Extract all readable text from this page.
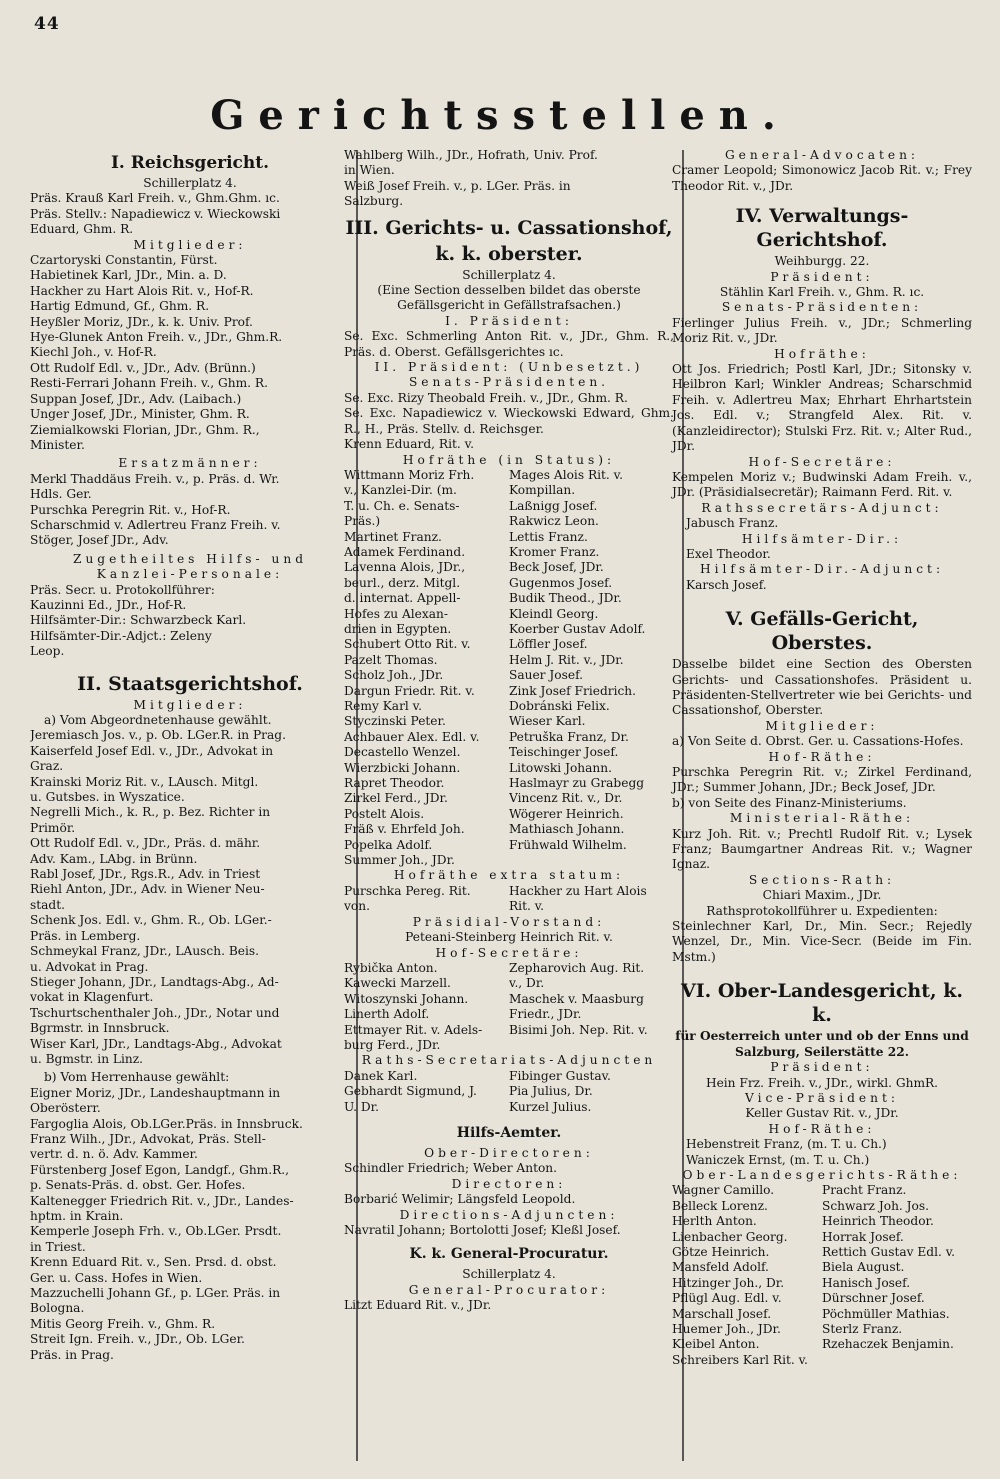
44
Gerichtsstellen.
I. Reichsgericht.
Schillerplatz 4.
Präs. Krauß Karl Freih. v., Ghm.Ghm. ıc.
Präs. Stellv.: Napadiewicz v. Wieckowski
Eduard, Ghm. R.
Mitglieder:
Czartoryski Constantin, Fürst.
Habietinek Karl, JDr., Min. a. D.
Hackher zu Hart Alois Rit. v., Hof-R.
Hartig Edmund, Gf., Ghm. R.
Heyßler Moriz, JDr., k. k. Univ. Prof.
Hye-Glunek Anton Freih. v., JDr., Ghm.R.
Kiechl Joh., v. Hof-R.
Ott Rudolf Edl. v., JDr., Adv. (Brünn.)
Resti-Ferrari Johann Freih. v., Ghm. R.
Suppan Josef, JDr., Adv. (Laibach.)
Unger Josef, JDr., Minister, Ghm. R.
Ziemialkowski Florian, JDr., Ghm. R.,
Minister.
Ersatzmänner:
Merkl Thaddäus Freih. v., p. Präs. d. Wr.
Hdls. Ger.
Purschka Peregrin Rit. v., Hof-R.
Scharschmid v. Adlertreu Franz Freih. v.
Stöger, Josef JDr., Adv.
Zugetheiltes Hilfs- und Kanzlei-Personale:
Präs. Secr. u. Protokollführer:
Kauzinni Ed., JDr., Hof-R.
Hilfsämter-Dir.: Schwarzbeck Karl.
Hilfsämter-Dir.-Adjct.: Zeleny
Leop.
II. Staatsgerichtshof.
Mitglieder:
a) Vom Abgeordnetenhause gewählt.
Jeremiasch Jos. v., p. Ob. LGer.R. in Prag.
Kaiserfeld Josef Edl. v., JDr., Advokat in
Graz.
Krainski Moriz Rit. v., LAusch. Mitgl.
u. Gutsbes. in Wyszatice.
Negrelli Mich., k. R., p. Bez. Richter in
Primör.
Ott Rudolf Edl. v., JDr., Präs. d. mähr.
Adv. Kam., LAbg. in Brünn.
Rabl Josef, JDr., Rgs.R., Adv. in Triest
Riehl Anton, JDr., Adv. in Wiener Neu-
stadt.
Schenk Jos. Edl. v., Ghm. R., Ob. LGer.-
Präs. in Lemberg.
Schmeykal Franz, JDr., LAusch. Beis.
u. Advokat in Prag.
Stieger Johann, JDr., Landtags-Abg., Ad-
vokat in Klagenfurt.
Tschurtschenthaler Joh., JDr., Notar und
Bgrmstr. in Innsbruck.
Wiser Karl, JDr., Landtags-Abg., Advokat
u. Bgmstr. in Linz.
b) Vom Herrenhause gewählt:
Eigner Moriz, JDr., Landeshauptmann in
Oberösterr.
Fargoglia Alois, Ob.LGer.Präs. in Innsbruck.
Franz Wilh., JDr., Advokat, Präs. Stell-
vertr. d. n. ö. Adv. Kammer.
Fürstenberg Josef Egon, Landgf., Ghm.R.,
p. Senats-Präs. d. obst. Ger. Hofes.
Kaltenegger Friedrich Rit. v., JDr., Landes-
hptm. in Krain.
Kemperle Joseph Frh. v., Ob.LGer. Prsdt.
in Triest.
Krenn Eduard Rit. v., Sen. Prsd. d. obst.
Ger. u. Cass. Hofes in Wien.
Mazzuchelli Johann Gf., p. LGer. Präs. in
Bologna.
Mitis Georg Freih. v., Ghm. R.
Streit Ign. Freih. v., JDr., Ob. LGer.
Präs. in Prag.
Wahlberg Wilh., JDr., Hofrath, Univ. Prof.
in Wien.
Weiß Josef Freih. v., p. LGer. Präs. in
Salzburg.
III. Gerichts- u. Cassationshof,
k. k. oberster.
Schillerplatz 4.
(Eine Section desselben bildet das oberste Gefällsgericht in Gefällstrafsachen.)
I. Präsident:
Se. Exc. Schmerling Anton Rit. v., JDr., Ghm. R., Präs. d. Oberst. Gefällsgerichtes ıc.
II. Präsident: (Unbesetzt.)
Senats-Präsidenten.
Se. Exc. Rizy Theobald Freih. v., JDr., Ghm. R.
Se. Exc. Napadiewicz v. Wieckowski Edward, Ghm. R., H., Präs. Stellv. d. Reichsger.
Krenn Eduard, Rit. v.
Hofräthe (in Status):
Wittmann Moriz Frh.
v., Kanzlei-Dir. (m.
T. u. Ch. e. Senats-
Präs.)
Martinet Franz.
Adamek Ferdinand.
Lavenna Alois, JDr.,
beurl., derz. Mitgl.
d. internat. Appell-
Hofes zu Alexan-
drien in Egypten.
Schubert Otto Rit. v.
Pazelt Thomas.
Scholz Joh., JDr.
Dargun Friedr. Rit. v.
Remy Karl v.
Styczinski Peter.
Achbauer Alex. Edl. v.
Decastello Wenzel.
Wierzbicki Johann.
Rapret Theodor.
Zirkel Ferd., JDr.
Postelt Alois.
Fräß v. Ehrfeld Joh.
Popelka Adolf.
Summer Joh., JDr.
Mages Alois Rit. v.
Kompillan.
Laßnigg Josef.
Rakwicz Leon.
Lettis Franz.
Kromer Franz.
Beck Josef, JDr.
Gugenmos Josef.
Budik Theod., JDr.
Kleindl Georg.
Koerber Gustav Adolf.
Löffler Josef.
Helm J. Rit. v., JDr.
Sauer Josef.
Zink Josef Friedrich.
Dobránski Felix.
Wieser Karl.
Petruška Franz, Dr.
Teischinger Josef.
Litowski Johann.
Haslmayr zu Grabegg
Vincenz Rit. v., Dr.
Wögerer Heinrich.
Mathiasch Johann.
Frühwald Wilhelm.

Hofräthe extra statum:
Purschka Pereg. Rit.
von.
Hackher zu Hart Alois
Rit. v.
Präsidial-Vorstand:
Peteani-Steinberg Heinrich Rit. v.
Hof-Secretäre:
Rybička Anton.
Kawecki Marzell.
Witoszynski Johann.
Linerth Adolf.
Ettmayer Rit. v. Adels-
burg Ferd., JDr.
Zepharovich Aug. Rit.
v., Dr.
Maschek v. Maasburg
Friedr., JDr.
Bisimi Joh. Nep. Rit. v.

Raths-Secretariats-Adjuncten
Danek Karl.
Gebhardt Sigmund, J.
U. Dr.
Fibinger Gustav.
Pia Julius, Dr.
Kurzel Julius.
Hilfs-Aemter.
Ober-Directoren:
Schindler Friedrich; Weber Anton.
Directoren:
Borbarić Welimir; Längsfeld Leopold.
Directions-Adjuncten:
Navratil Johann; Bortolotti Josef; Kleßl Josef.
K. k. General-Procuratur.
Schillerplatz 4.
General-Procurator:
Litzt Eduard Rit. v., JDr.
General-Advocaten:
Cramer Leopold; Simonowicz Jacob Rit. v.; Frey Theodor Rit. v., JDr.
IV. Verwaltungs-Gerichtshof.
Weihburgg. 22.
Präsident:
Stählin Karl Freih. v., Ghm. R. ıc.
Senats-Präsidenten:
Fierlinger Julius Freih. v., JDr.; Schmerling Moriz Rit. v., JDr.
Hofräthe:
Ott Jos. Friedrich; Postl Karl, JDr.; Sitonsky v. Heilbron Karl; Winkler Andreas; Scharschmid Freih. v. Adlertreu Max; Ehrhart Ehrhartstein Jos. Edl. v.; Strangfeld Alex. Rit. v. (Kanzleidirector); Stulski Frz. Rit. v.; Alter Rud., JDr.
Hof-Secretäre:
Kempelen Moriz v.; Budwinski Adam Freih. v., JDr. (Präsidialsecretär); Raimann Ferd. Rit. v.
Rathssecretärs-Adjunct:
Jabusch Franz.
Hilfsämter-Dir.:
Exel Theodor.
Hilfsämter-Dir.-Adjunct:
Karsch Josef.
V. Gefälls-Gericht, Oberstes.
Dasselbe bildet eine Section des Obersten Gerichts- und Cassationshofes. Präsident u. Präsidenten-Stellvertreter wie bei Gerichts- und Cassationshof, Oberster.
Mitglieder:
a) Von Seite d. Obrst. Ger. u. Cassations-Hofes.
Hof-Räthe:
Purschka Peregrin Rit. v.; Zirkel Ferdinand, JDr.; Summer Johann, JDr.; Beck Josef, JDr.
b) von Seite des Finanz-Ministeriums.
Ministerial-Räthe:
Kurz Joh. Rit. v.; Prechtl Rudolf Rit. v.; Lysek Franz; Baumgartner Andreas Rit. v.; Wagner Ignaz.
Sections-Rath:
Chiari Maxim., JDr.
Rathsprotokollführer u. Expedienten:
Steinlechner Karl, Dr., Min. Secr.; Rejedly Wenzel, Dr., Min. Vice-Secr. (Beide im Fin. Mstm.)
VI. Ober-Landesgericht, k. k.
für Oesterreich unter und ob der Enns und Salzburg, Seilerstätte 22.
Präsident:
Hein Frz. Freih. v., JDr., wirkl. GhmR.
Vice-Präsident:
Keller Gustav Rit. v., JDr.
Hof-Räthe:
Hebenstreit Franz, (m. T. u. Ch.)
Waniczek Ernst, (m. T. u. Ch.)
Ober-Landesgerichts-Räthe:
Wagner Camillo.
Belleck Lorenz.
Herlth Anton.
Lienbacher Georg.
Götze Heinrich.
Mansfeld Adolf.
Hitzinger Joh., Dr.
Pflügl Aug. Edl. v.
Marschall Josef.
Huemer Joh., JDr.
Kleibel Anton.
Schreibers Karl Rit. v.
Pracht Franz.
Schwarz Joh. Jos.
Heinrich Theodor.
Horrak Josef.
Rettich Gustav Edl. v.
Biela August.
Hanisch Josef.
Dürschner Josef.
Pöchmüller Mathias.
Sterlz Franz.
Rzehaczek Benjamin.
